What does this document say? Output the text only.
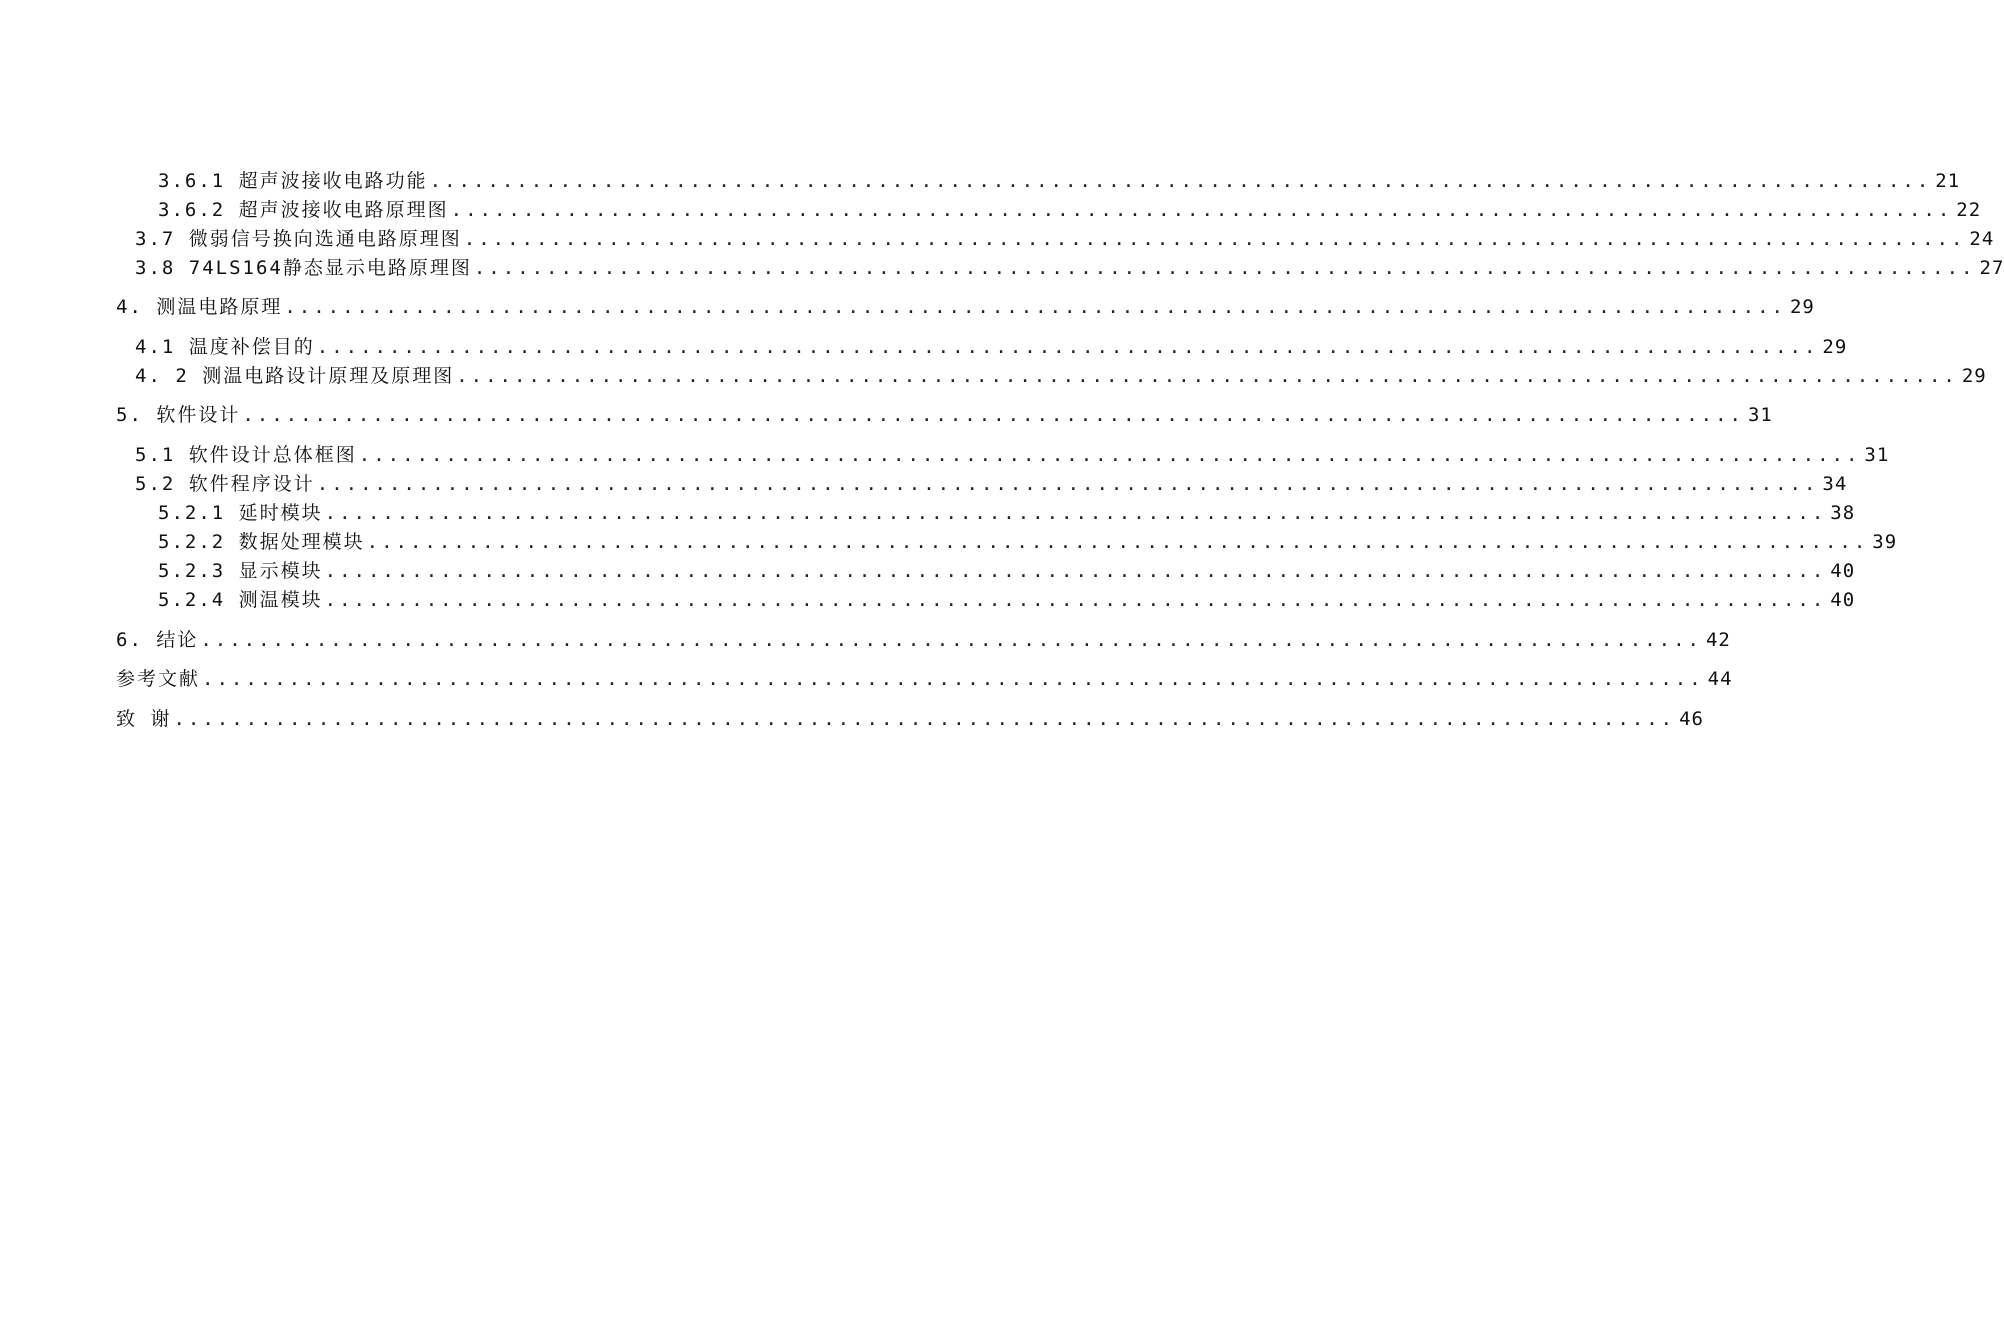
3.6.1 超声波接收电路功能 ........................................................................................................ 21
3.6.2 超声波接收电路原理图 ........................................................................................................ 22
3.7 微弱信号换向选通电路原理图 ........................................................................................................ 24
3.8 74LS164静态显示电路原理图 ........................................................................................................ 27
4. 测温电路原理 ........................................................................................................ 29
4.1 温度补偿目的 ........................................................................................................ 29
4. 2 测温电路设计原理及原理图 ........................................................................................................ 29
5. 软件设计 ........................................................................................................ 31
5.1 软件设计总体框图 ........................................................................................................ 31
5.2 软件程序设计 ........................................................................................................ 34
5.2.1 延时模块 ........................................................................................................ 38
5.2.2 数据处理模块 ........................................................................................................ 39
5.2.3 显示模块 ........................................................................................................ 40
5.2.4 测温模块 ........................................................................................................ 40
6. 结论 ........................................................................................................ 42
参考文献 ........................................................................................................ 44
致 谢 ........................................................................................................ 46
